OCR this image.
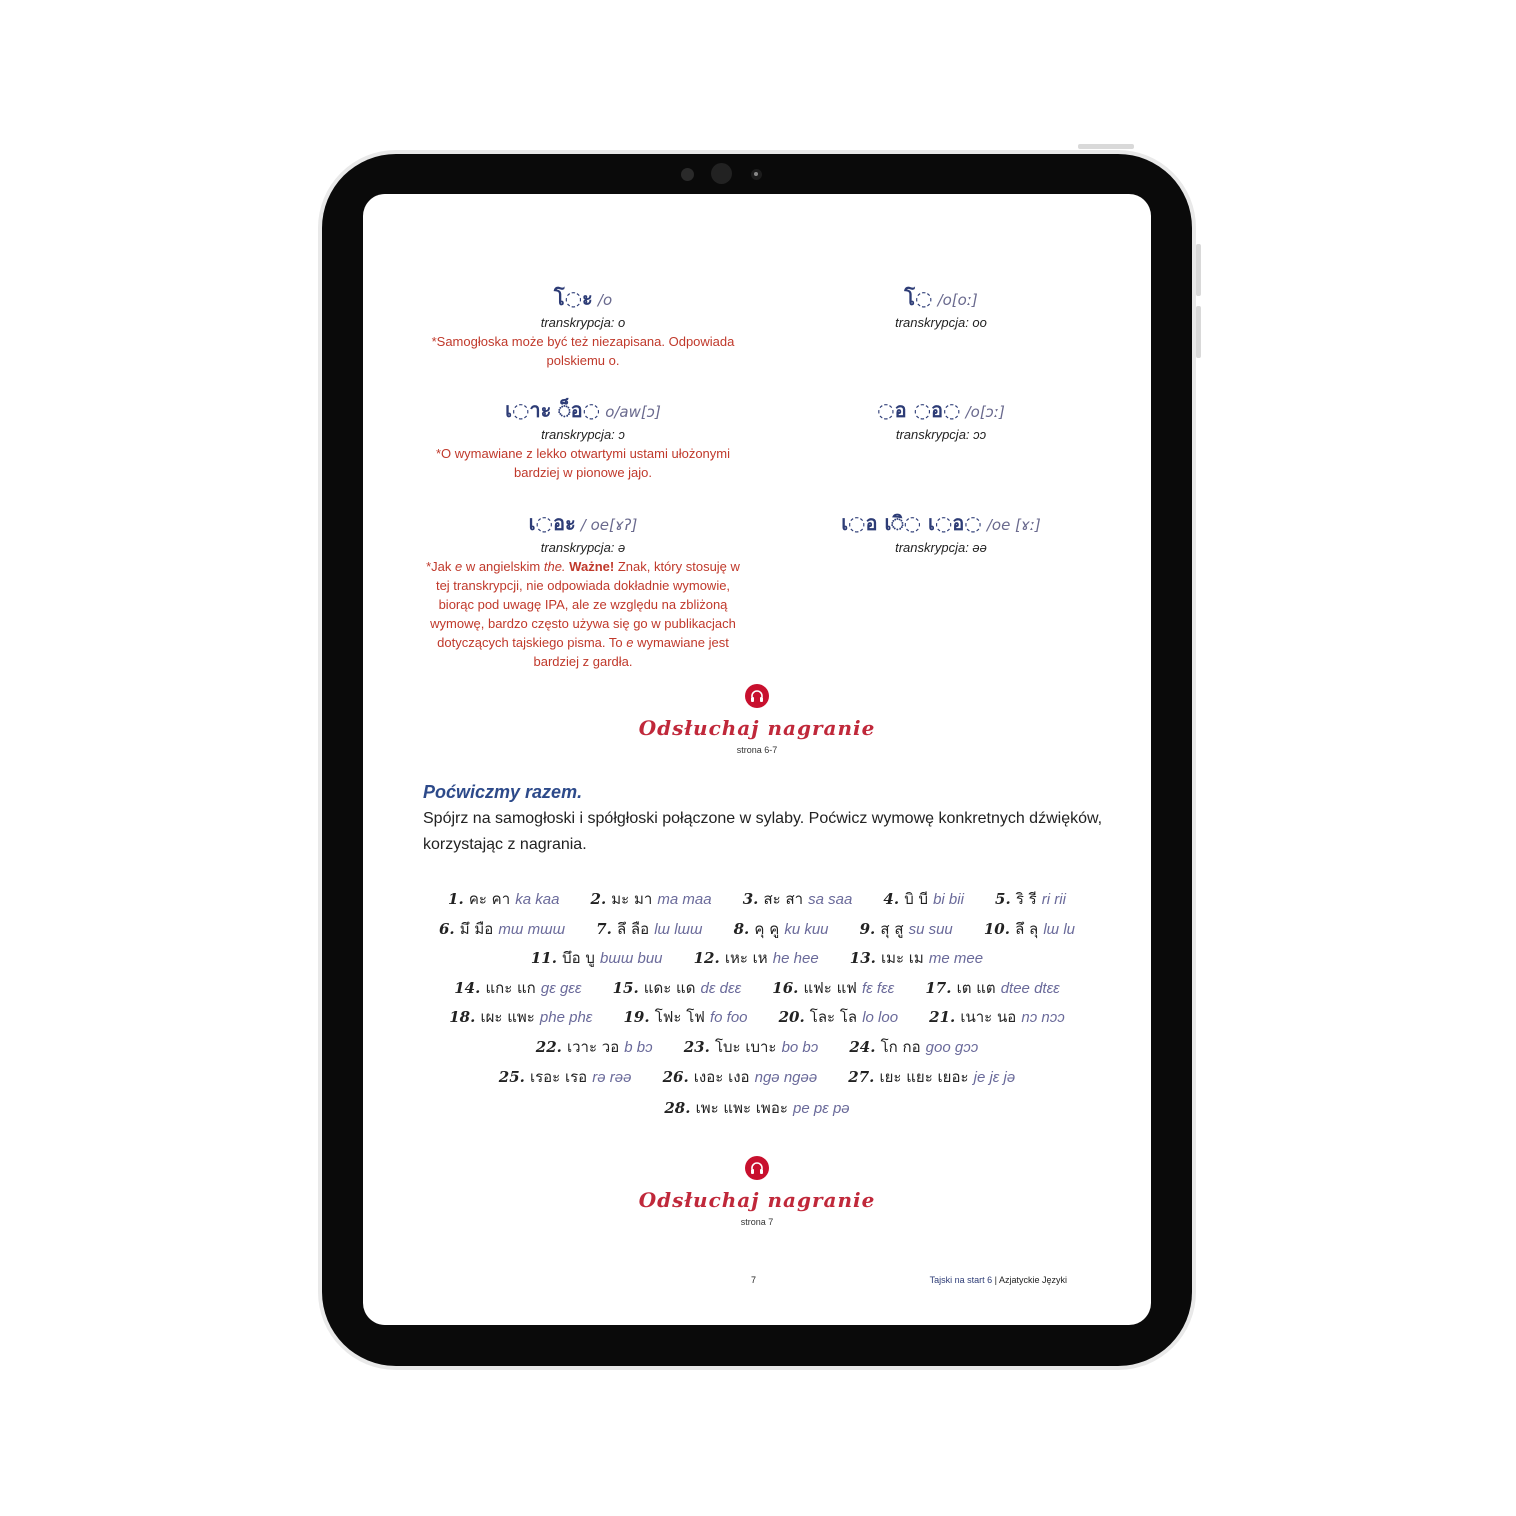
โ◌ะ /o
transkrypcja: o
*Samogłoska może być też niezapisana. Odpowiada polskiemu o.
โ◌ /o[oː]
transkrypcja: oo
เ◌าะ ◌็อ◌ o/aw[ɔ]
transkrypcja: ɔ
*O wymawiane z lekko otwartymi ustami ułożonymi bardziej w pionowe jajo.
◌อ ◌อ◌ /o[ɔː]
transkrypcja: ɔɔ
เ◌อะ / oe[ɤʔ]
transkrypcja: ə
*Jak e w angielskim the. Ważne! Znak, który stosuję w tej transkrypcji, nie odpowiada dokładnie wymowie, biorąc pod uwagę IPA, ale ze względu na zbliżoną wymowę, bardzo często używa się go w publikacjach dotyczących tajskiego pisma. To e wymawiane jest bardziej z gardła.
เ◌อ เ◌ิ◌ เ◌อ◌ /oe [ɤː]
transkrypcja: əə
Odsłuchaj nagranie
strona 6-7
Poćwiczmy razem.
Spójrz na samogłoski i spółgłoski połączone w sylaby. Poćwicz wymowę konkretnych dźwięków, korzystając z nagrania.
1. คะ คา ka kaa 2. มะ มา ma maa 3. สะ สา sa saa 4. บิ บี bi bii 5. ริ รี ri rii
6. มึ มือ mɯ mɯɯ 7. ลึ ลือ lɯ lɯɯ 8. คุ คู ku kuu 9. สุ สู su suu 10. ลึ ลุ lɯ lu
11. บึอ บู bɯɯ buu 12. เหะ เห he hee 13. เมะ เม me mee
14. แกะ แก gɛ gɛɛ 15. แดะ แด dɛ dɛɛ 16. แฟะ แฟ fɛ fɛɛ 17. เต แต dtee dtɛɛ
18. เผะ แพะ phe phɛ 19. โฟะ โฟ fo foo 20. โละ โล lo loo 21. เนาะ นอ nɔ nɔɔ
22. เวาะ วอ b bɔ 23. โบะ เบาะ bo bɔ 24. โก กอ goo gɔɔ
25. เรอะ เรอ rə rəə 26. เงอะ เงอ ngə ngəə 27. เยะ แยะ เยอะ je jɛ jə
28. เพะ แพะ เพอะ pe pɛ pə
Odsłuchaj nagranie
strona 7
7	Tajski na start 6 | Azjatyckie Języki
